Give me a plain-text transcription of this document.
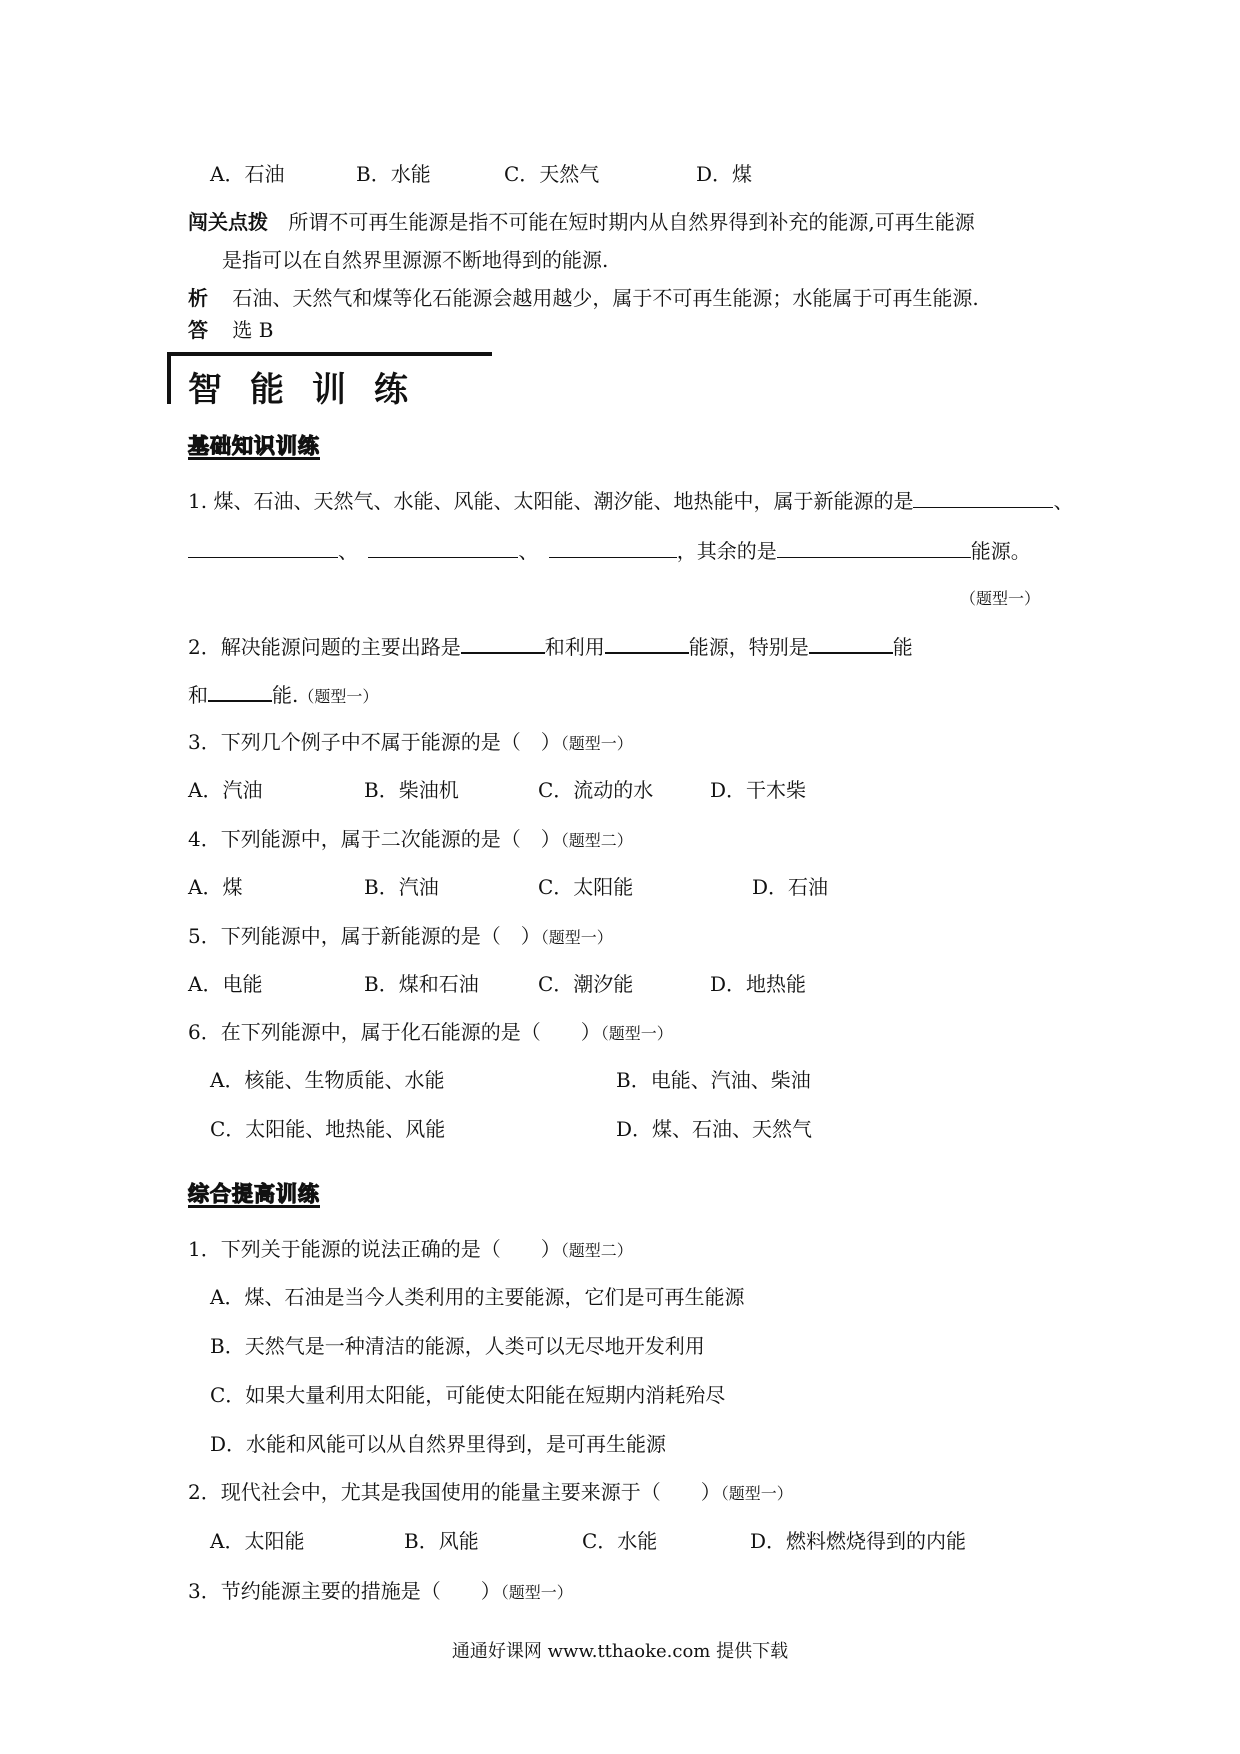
A．石油	B．水能	C．天然气	D．煤
闯关点拨 所谓不可再生能源是指不可能在短时期内从自然界得到补充的能源,可再生能源
是指可以在自然界里源源不断地得到的能源.
析 石油、天然气和煤等化石能源会越用越少，属于不可再生能源；水能属于可再生能源.
答 选 B
智能训练
基础知识训练
1. 煤、石油、天然气、水能、风能、太阳能、潮汐能、地热能中，属于新能源的是	、
、	、	，其余的是	能源。
（题型一）
2．解决能源问题的主要出路是	和利用	能源，特别是	能
和	能.（题型一）
3．下列几个例子中不属于能源的是（　）（题型一）
A．汽油	B．柴油机	C．流动的水	D．干木柴
4．下列能源中，属于二次能源的是（　）（题型二）
A．煤	B．汽油	C．太阳能	D．石油
5．下列能源中，属于新能源的是（　）（题型一）
A．电能	B．煤和石油	C．潮汐能	D．地热能
6．在下列能源中，属于化石能源的是（　　）（题型一）
A．核能、生物质能、水能	B．电能、汽油、柴油
C．太阳能、地热能、风能	D．煤、石油、天然气
综合提高训练
1．下列关于能源的说法正确的是（　　）（题型二）
A．煤、石油是当今人类利用的主要能源，它们是可再生能源
B．天然气是一种清洁的能源，人类可以无尽地开发利用
C．如果大量利用太阳能，可能使太阳能在短期内消耗殆尽
D．水能和风能可以从自然界里得到，是可再生能源
2．现代社会中，尤其是我国使用的能量主要来源于（　　）（题型一）
A．太阳能	B．风能	C．水能	D．燃料燃烧得到的内能
3．节约能源主要的措施是（　　）（题型一）
通通好课网 www.tthaoke.com 提供下载
